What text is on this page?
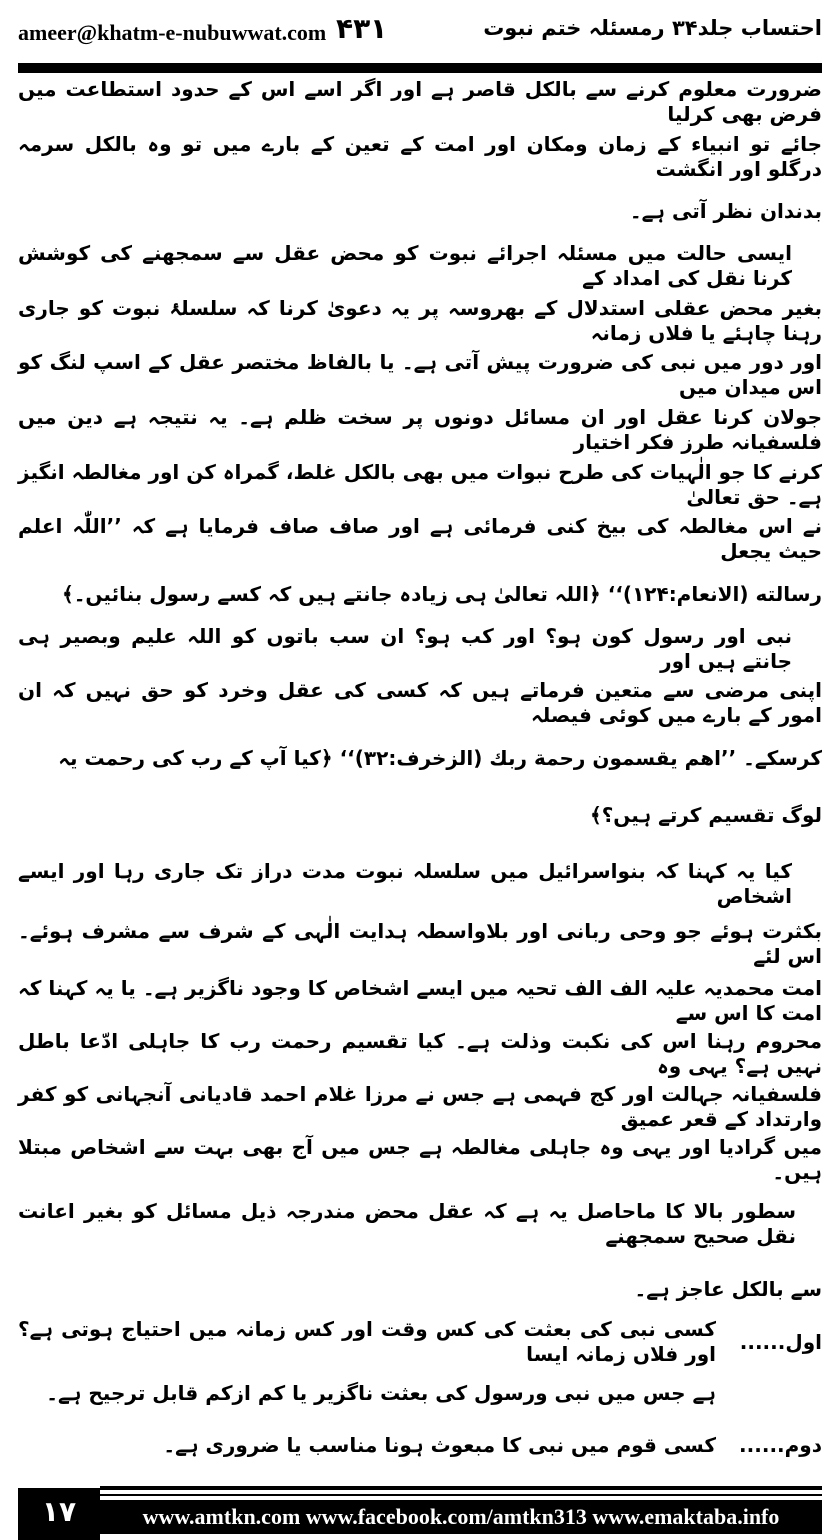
ameer@khatm-e-nubuwwat.com ۴۳۱	احتساب جلد۳۴ رمسئلہ ختم نبوت
ضرورت معلوم کرنے سے بالکل قاصر ہے اور اگر اسے اس کے حدود استطاعت میں فرض بھی کرلیا
جائے تو انبیاء کے زمان ومکان اور امت کے تعین کے بارے میں تو وہ بالکل سرمہ درگلو اور انگشت
بدندان نظر آتی ہے۔
ایسی حالت میں مسئلہ اجرائے نبوت کو محض عقل سے سمجھنے کی کوشش کرنا نقل کی امداد کے
بغیر محض عقلی استدلال کے بھروسہ پر یہ دعویٰ کرنا کہ سلسلۂ نبوت کو جاری رہنا چاہئے یا فلاں زمانہ
اور دور میں نبی کی ضرورت پیش آتی ہے۔ یا بالفاظ مختصر عقل کے اسپ لنگ کو اس میدان میں
جولان کرنا عقل اور ان مسائل دونوں پر سخت ظلم ہے۔ یہ نتیجہ ہے دین میں فلسفیانہ طرز فکر اختیار
کرنے کا جو الٰہیات کی طرح نبوات میں بھی بالکل غلط، گمراہ کن اور مغالطہ انگیز ہے۔ حق تعالیٰ
نے اس مغالطہ کی بیخ کنی فرمائی ہے اور صاف صاف فرمایا ہے کہ ’’اللّٰہ اعلم حیث یجعل
رسالته (الانعام:۱۲۴)‘‘ ﴿اللہ تعالیٰ ہی زیادہ جانتے ہیں کہ کسے رسول بنائیں۔﴾
نبی اور رسول کون ہو؟ اور کب ہو؟ ان سب باتوں کو اللہ علیم وبصیر ہی جانتے ہیں اور
اپنی مرضی سے متعین فرماتے ہیں کہ کسی کی عقل وخرد کو حق نہیں کہ ان امور کے بارے میں کوئی فیصلہ
کرسکے۔ ’’اھم یقسمون رحمة ربك (الزخرف:۳۲)‘‘ ﴿کیا آپ کے رب کی رحمت یہ
لوگ تقسیم کرتے ہیں؟﴾
کیا یہ کہنا کہ بنواسرائیل میں سلسلہ نبوت مدت دراز تک جاری رہا اور ایسے اشخاص
بکثرت ہوئے جو وحی ربانی اور بلاواسطہ ہدایت الٰہی کے شرف سے مشرف ہوئے۔ اس لئے
امت محمدیہ علیہ الف الف تحیہ میں ایسے اشخاص کا وجود ناگزیر ہے۔ یا یہ کہنا کہ امت کا اس سے
محروم رہنا اس کی نکبت وذلت ہے۔ کیا تقسیم رحمت رب کا جاہلی ادّعا باطل نہیں ہے؟ یہی وہ
فلسفیانہ جہالت اور کج فہمی ہے جس نے مرزا غلام احمد قادیانی آنجہانی کو کفر وارتداد کے قعر عمیق
میں گرادیا اور یہی وہ جاہلی مغالطہ ہے جس میں آج بھی بہت سے اشخاص مبتلا ہیں۔
سطور بالا کا ماحاصل یہ ہے کہ عقل محض مندرجہ ذیل مسائل کو بغیر اعانت نقل صحیح سمجھنے
سے بالکل عاجز ہے۔
اول......
کسی نبی کی بعثت کی کس وقت اور کس زمانہ میں احتیاج ہوتی ہے؟ اور فلاں زمانہ ایسا
ہے جس میں نبی ورسول کی بعثت ناگزیر یا کم ازکم قابل ترجیح ہے۔
دوم......
کسی قوم میں نبی کا مبعوث ہونا مناسب یا ضروری ہے۔
۱۷	www.amtkn.com www.facebook.com/amtkn313 www.emaktaba.info
